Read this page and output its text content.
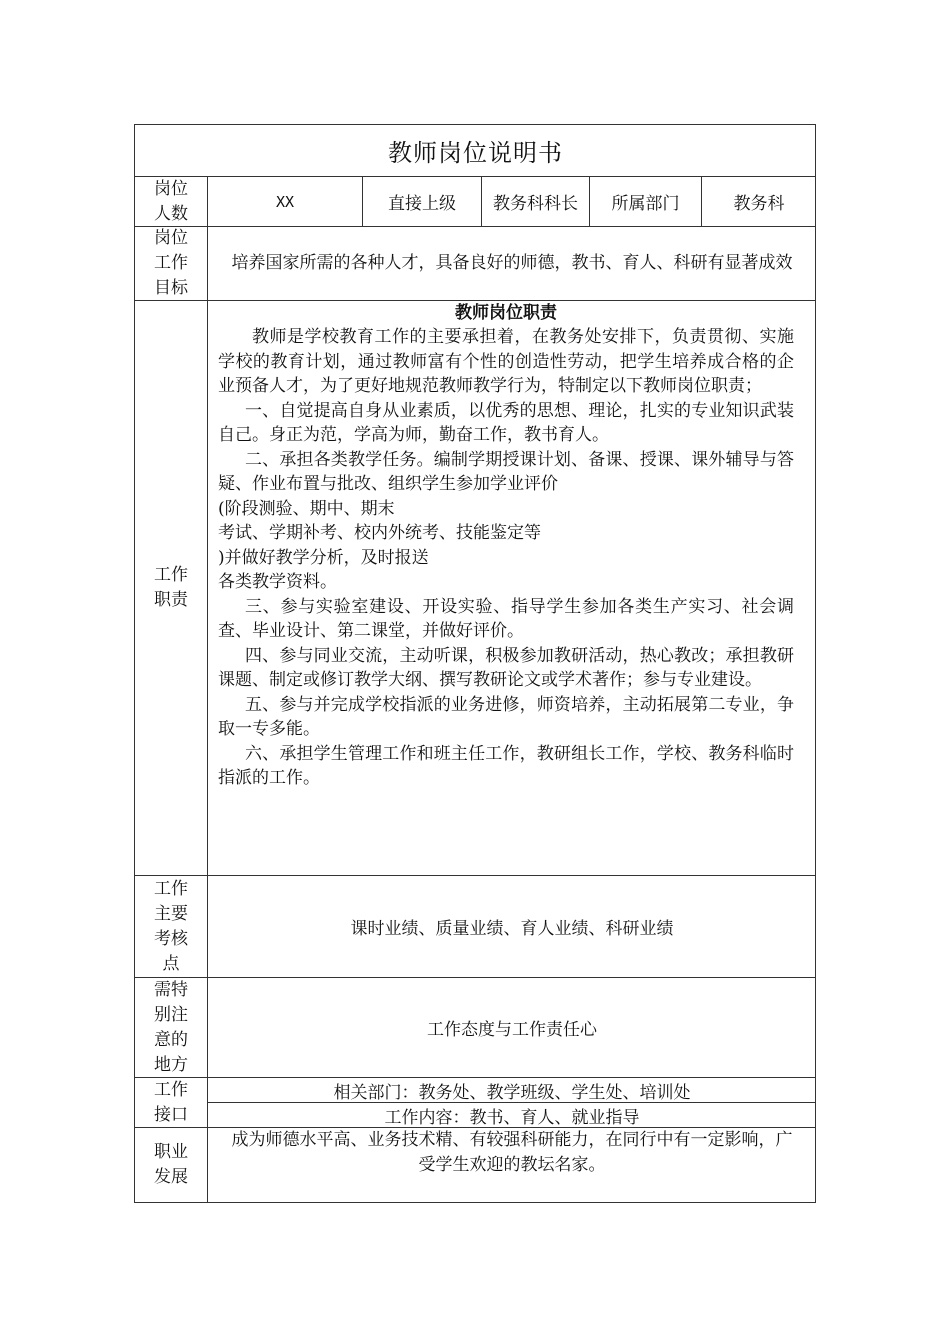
教师岗位说明书
岗位人数
XX	直接上级	教务科科长	所属部门	教务科
岗位工作目标

培养国家所需的各种人才，具备良好的师德，教书、育人、科研有显著成效

工作职责

教师岗位职责

教师是学校教育工作的主要承担着，在教务处安排下，负责贯彻、实施学校的教育计划，通过教师富有个性的创造性劳动，把学生培养成合格的企业预备人才，为了更好地规范教师教学行为，特制定以下教师岗位职责；

一、自觉提高自身从业素质，以优秀的思想、理论，扎实的专业知识武装自己。身正为范，学高为师，勤奋工作，教书育人。

二、承担各类教学任务。编制学期授课计划、备课、授课、课外辅导与答疑、作业布置与批改、组织学生参加学业评价

(阶段测验、期中、期末

考试、学期补考、校内外统考、技能鉴定等

)并做好教学分析，及时报送

各类教学资料。

三、参与实验室建设、开设实验、指导学生参加各类生产实习、社会调查、毕业设计、第二课堂，并做好评价。

四、参与同业交流，主动听课，积极参加教研活动，热心教改；承担教研课题、制定或修订教学大纲、撰写教研论文或学术著作；参与专业建设。

五、参与并完成学校指派的业务进修，师资培养，主动拓展第二专业，争取一专多能。

六、承担学生管理工作和班主任工作，教研组长工作，学校、教务科临时指派的工作。

工作主要考核点
课时业绩、质量业绩、育人业绩、科研业绩
需特别注意的地方
工作态度与工作责任心
工作接口
相关部门：教务处、教学班级、学生处、培训处
工作内容：教书、育人、就业指导
职业发展

成为师德水平高、业务技术精、有较强科研能力，在同行中有一定影响，广受学生欢迎的教坛名家。
